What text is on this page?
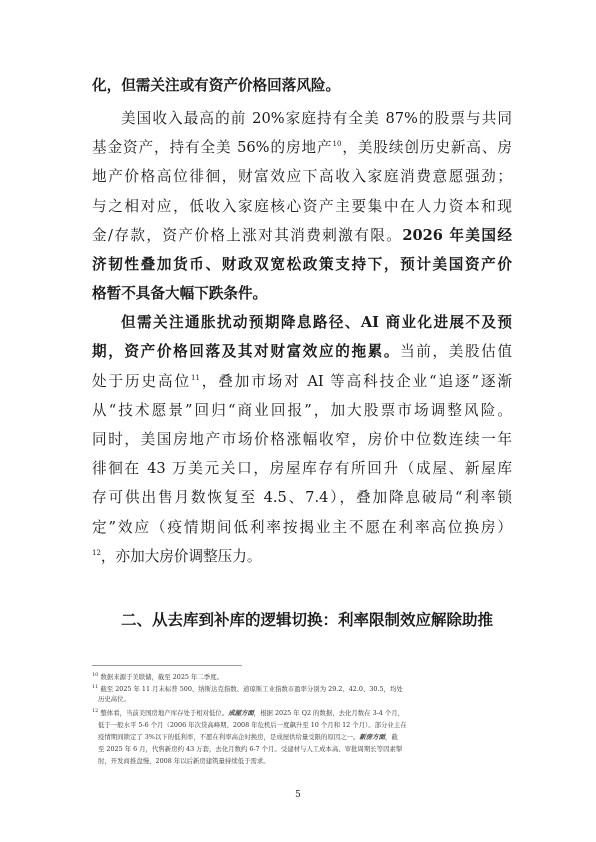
化，但需关注或有资产价格回落风险。
美国收入最高的前 20%家庭持有全美 87%的股票与共同
基金资产，持有全美 56%的房地产$^{10}$，美股续创历史新高、房
地产价格高位徘徊，财富效应下高收入家庭消费意愿强劲；
与之相对应，低收入家庭核心资产主要集中在人力资本和现
金/存款，资产价格上涨对其消费刺激有限。2026 年美国经
济韧性叠加货币、财政双宽松政策支持下，预计美国资产价
格暂不具备大幅下跌条件。
但需关注通胀扰动预期降息路径、AI 商业化进展不及预
期，资产价格回落及其对财富效应的拖累。当前，美股估值
处于历史高位$^{11}$，叠加市场对 AI 等高科技企业“追逐”逐渐
从“技术愿景”回归“商业回报”，加大股票市场调整风险。
同时，美国房地产市场价格涨幅收窄，房价中位数连续一年
徘徊在 43 万美元关口，房屋库存有所回升（成屋、新屋库
存可供出售月数恢复至 4.5、7.4），叠加降息破局“利率锁
定”效应（疫情期间低利率按揭业主不愿在利率高位换房）
$^{12}$，亦加大房价调整压力。
二、从去库到补库的逻辑切换：利率限制效应解除助推
$^{10}$ 数据来源于美联储，截至 2025 年二季度。
$^{11}$ 截至 2025 年 11 月末标普 500、纳斯达克指数、道琼斯工业指数市盈率分别为 29.2、42.0、30.5，均处
历史高位。
$^{12}$ 整体看，当前美国房地产库存处于相对低位。成屋方面，根据 2025 年 Q2 的数据，去化月数在 3-4 个月，
低于一般水平 5-6 个月（2006 年次贷高峰期、2008 年危机后一度飙升至 10 个月和 12 个月）。部分业主在
疫情期间锁定了 3%以下的低利率，不愿在利率高企时换房，是成屋供给量受限的原因之一。新房方面，截
至 2025 年 6 月，代售新房约 43 万套，去化月数约 6-7 个月。受建材与人工成本高、审批周期长等因素掣
肘，开发商推盘慢，2008 年以后新房建筑量持续低于需求。
5
